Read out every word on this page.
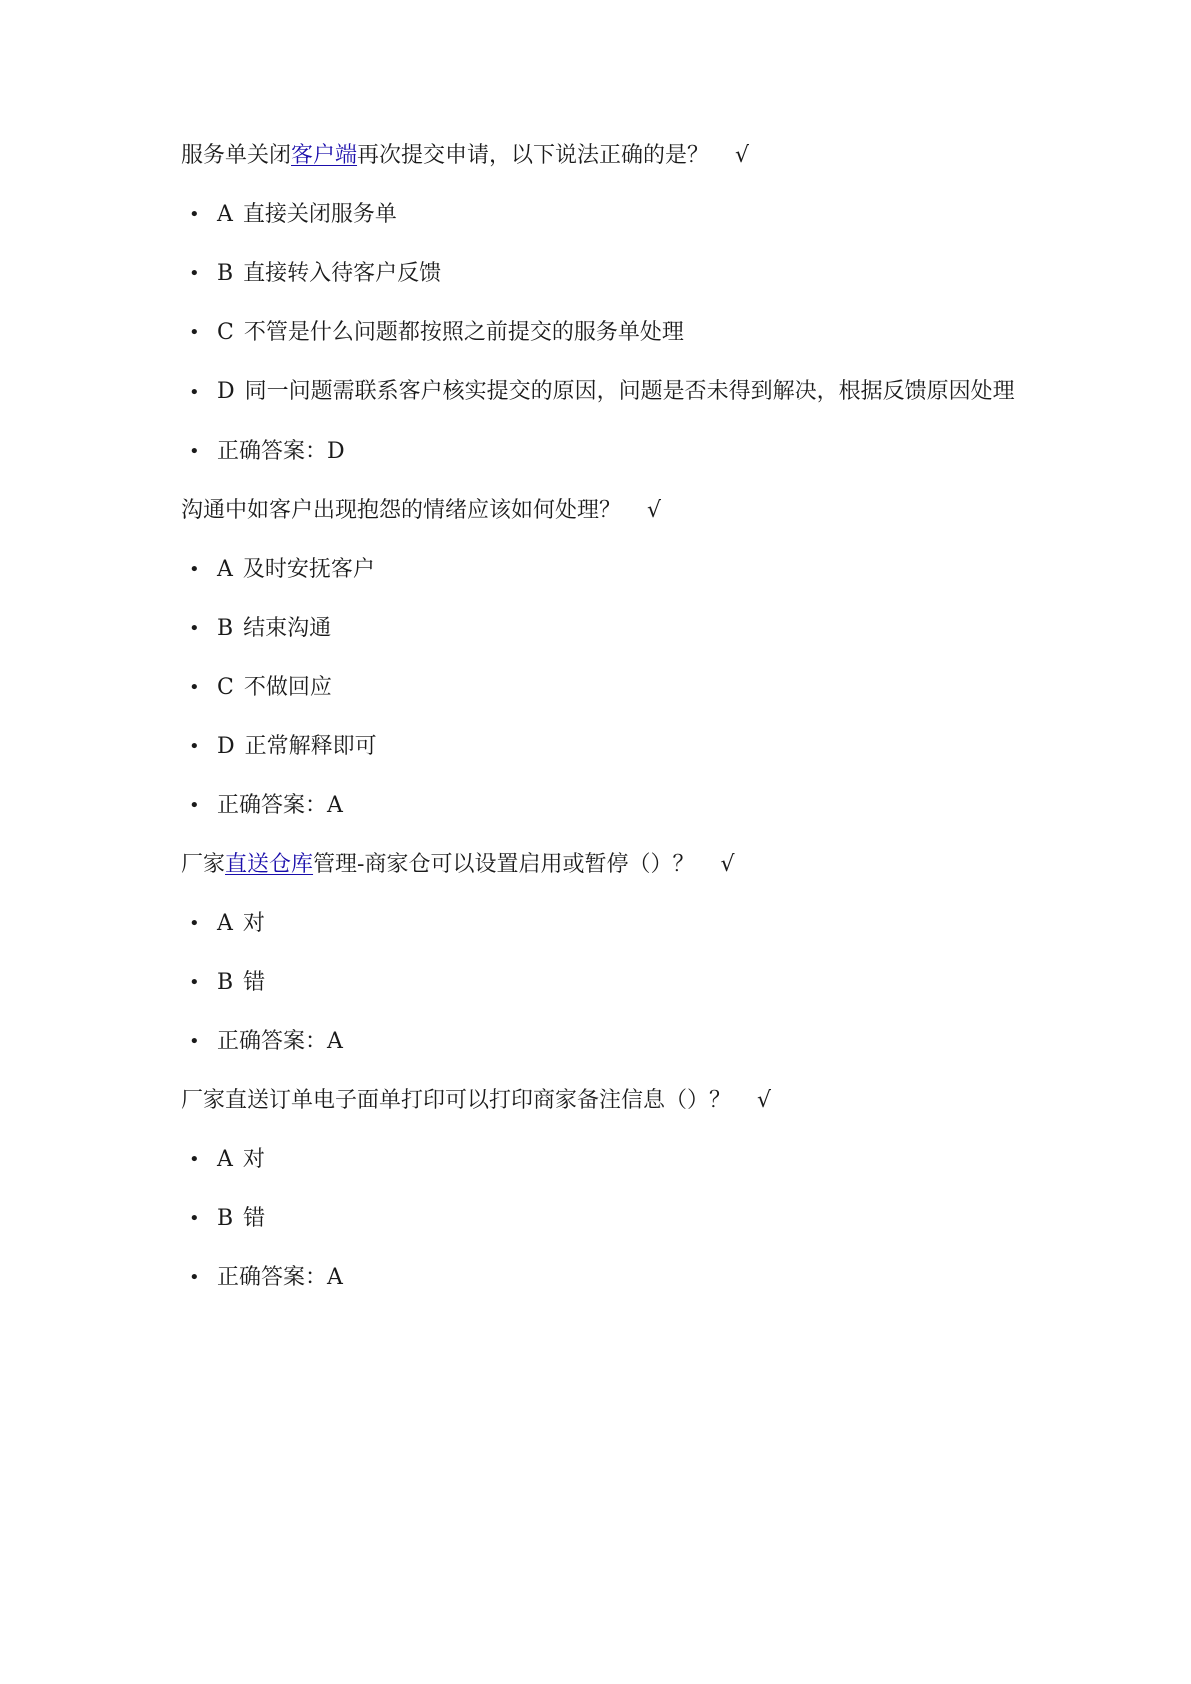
服务单关闭客户端再次提交申请，以下说法正确的是？ √

• A 直接关闭服务单
• B 直接转入待客户反馈
• C 不管是什么问题都按照之前提交的服务单处理
• D 同一问题需联系客户核实提交的原因，问题是否未得到解决，根据反馈原因处理
• 正确答案：D

沟通中如客户出现抱怨的情绪应该如何处理？ √

• A 及时安抚客户
• B 结束沟通
• C 不做回应
• D 正常解释即可
• 正确答案：A

厂家直送仓库管理-商家仓可以设置启用或暂停（）？ √

• A 对
• B 错
• 正确答案：A

厂家直送订单电子面单打印可以打印商家备注信息（）？ √

• A 对
• B 错
• 正确答案：A
